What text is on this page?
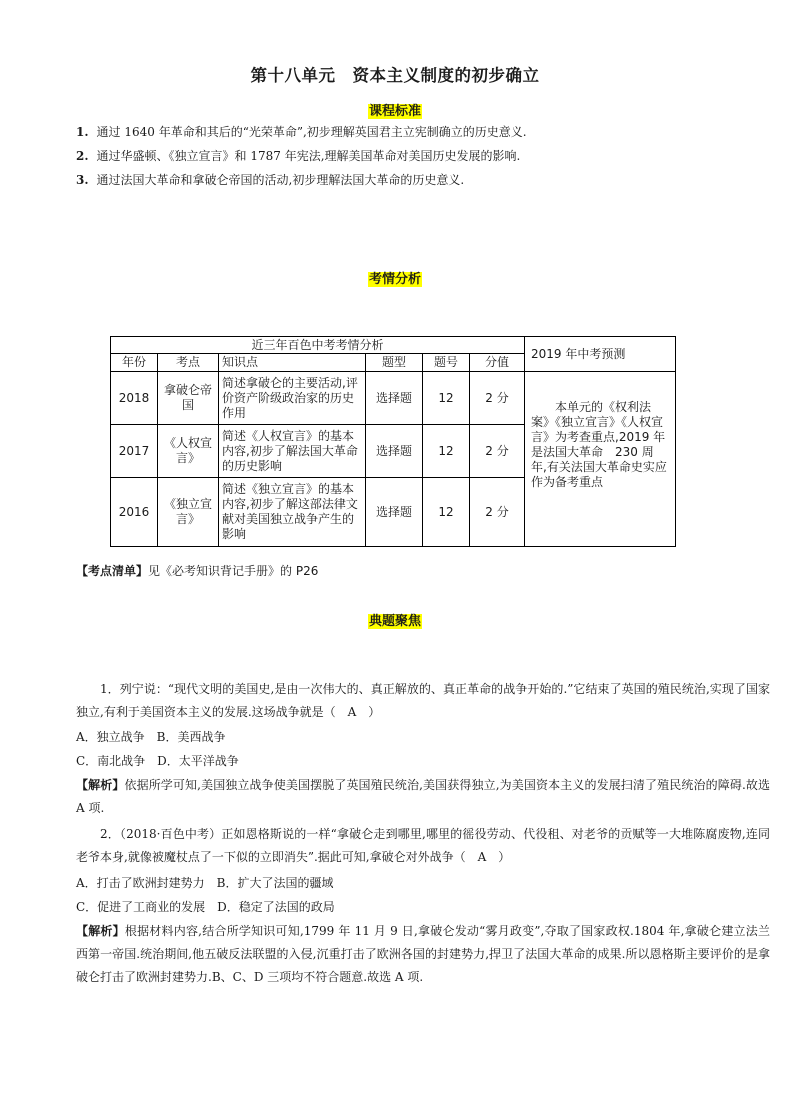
第十八单元　资本主义制度的初步确立
课程标准
1. 通过 1640 年革命和其后的“光荣革命”,初步理解英国君主立宪制确立的历史意义.
2. 通过华盛顿、《独立宣言》和 1787 年宪法,理解美国革命对美国历史发展的影响.
3. 通过法国大革命和拿破仑帝国的活动,初步理解法国大革命的历史意义.
考情分析
近三年百色中考考情分析						2019 年中考预测
年份	考点	知识点	题型	题号	分值	
2018	拿破仑帝国	简述拿破仑的主要活动,评价资产阶级政治家的历史作用	选择题	12	2 分	本单元的《权利法案》《独立宣言》《人权宣言》为考查重点,2019 年是法国大革命　230 周年,有关法国大革命史实应作为备考重点

2017	《人权宣言》	简述《人权宣言》的基本内容,初步了解法国大革命的历史影响	选择题	12	2 分	
2016	《独立宣言》	简述《独立宣言》的基本内容,初步了解这部法律文献对美国独立战争产生的影响	选择题	12	2 分	
【考点清单】见《必考知识背记手册》的 P26
典题聚焦
1．列宁说：“现代文明的美国史,是由一次伟大的、真正解放的、真正革命的战争开始的.”它结束了英国的殖民统治,实现了国家独立,有利于美国资本主义的发展.这场战争就是（　A　）
A．独立战争　B．美西战争
C．南北战争　D．太平洋战争
【解析】依据所学可知,美国独立战争使美国摆脱了英国殖民统治,美国获得独立,为美国资本主义的发展扫清了殖民统治的障碍.故选 A 项.
2．（2018·百色中考）正如恩格斯说的一样“拿破仑走到哪里,哪里的徭役劳动、代役租、对老爷的贡赋等一大堆陈腐废物,连同老爷本身,就像被魔杖点了一下似的立即消失”.据此可知,拿破仑对外战争（　A　）
A．打击了欧洲封建势力　B．扩大了法国的疆域
C．促进了工商业的发展　D．稳定了法国的政局
【解析】根据材料内容,结合所学知识可知,1799 年 11 月 9 日,拿破仑发动“雾月政变”,夺取了国家政权.1804 年,拿破仑建立法兰西第一帝国.统治期间,他五破反法联盟的入侵,沉重打击了欧洲各国的封建势力,捍卫了法国大革命的成果.所以恩格斯主要评价的是拿破仑打击了欧洲封建势力.B、C、D 三项均不符合题意.故选 A 项.
